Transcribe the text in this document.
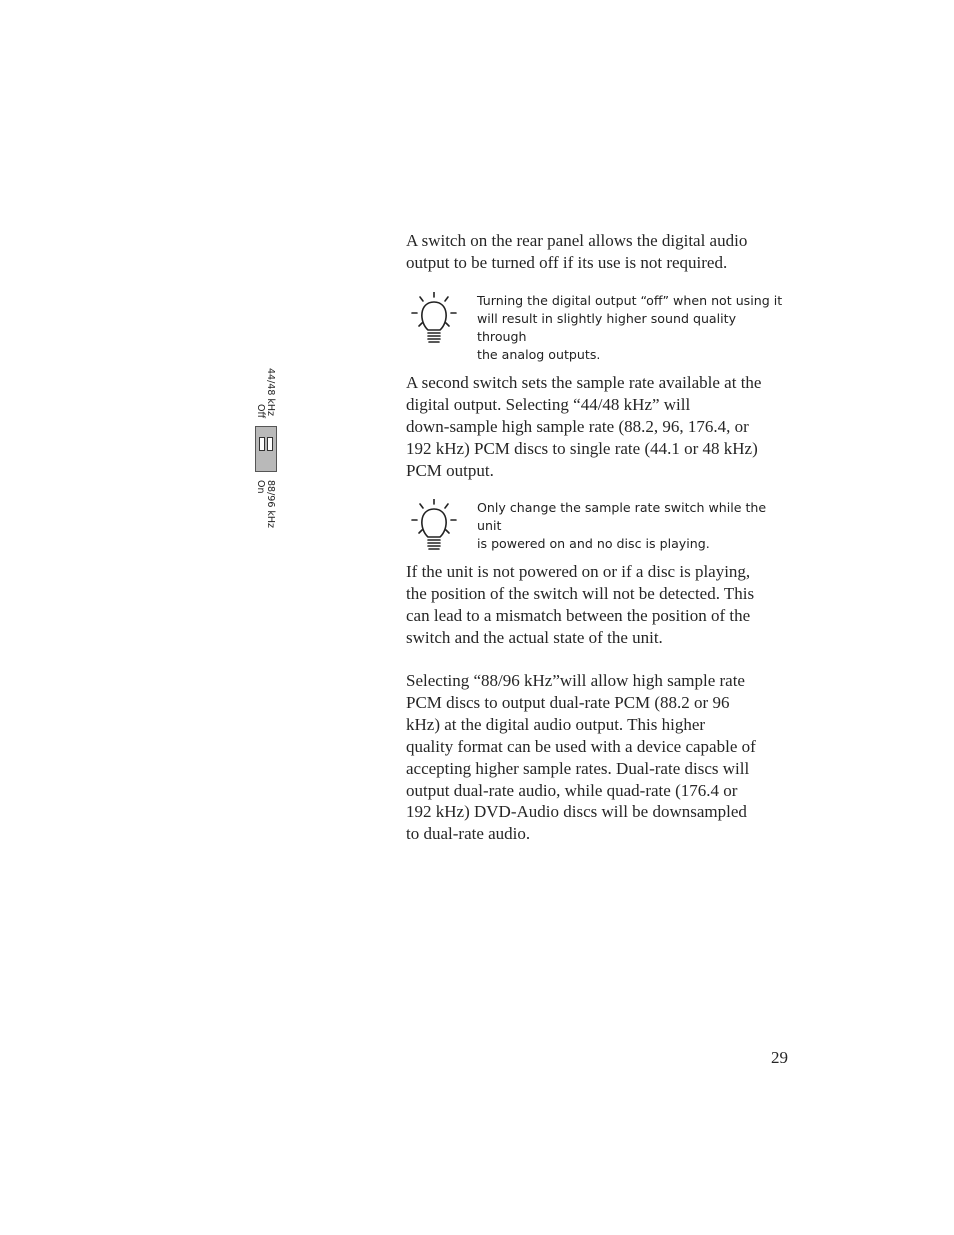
44/48 kHz
Off
88/96 kHz
On

A switch on the rear panel allows the digital audio
output to be turned off if its use is not required.

Turning the digital output “off” when not using it
will result in slightly higher sound quality through
the analog outputs.

A second switch sets the sample rate available at the
digital output. Selecting “44/48 kHz” will
down-sample high sample rate (88.2, 96, 176.4, or
192 kHz) PCM discs to single rate (44.1 or 48 kHz)
PCM output.

Only change the sample rate switch while the unit
is powered on and no disc is playing.

If the unit is not powered on or if a disc is playing,
the position of the switch will not be detected. This
can lead to a mismatch between the position of the
switch and the actual state of the unit.

Selecting “88/96 kHz”will allow high sample rate
PCM discs to output dual-rate PCM (88.2 or 96
kHz) at the digital audio output. This higher
quality format can be used with a device capable of
accepting higher sample rates. Dual-rate discs will
output dual-rate audio, while quad-rate (176.4 or
192 kHz) DVD-Audio discs will be downsampled
to dual-rate audio.

29
